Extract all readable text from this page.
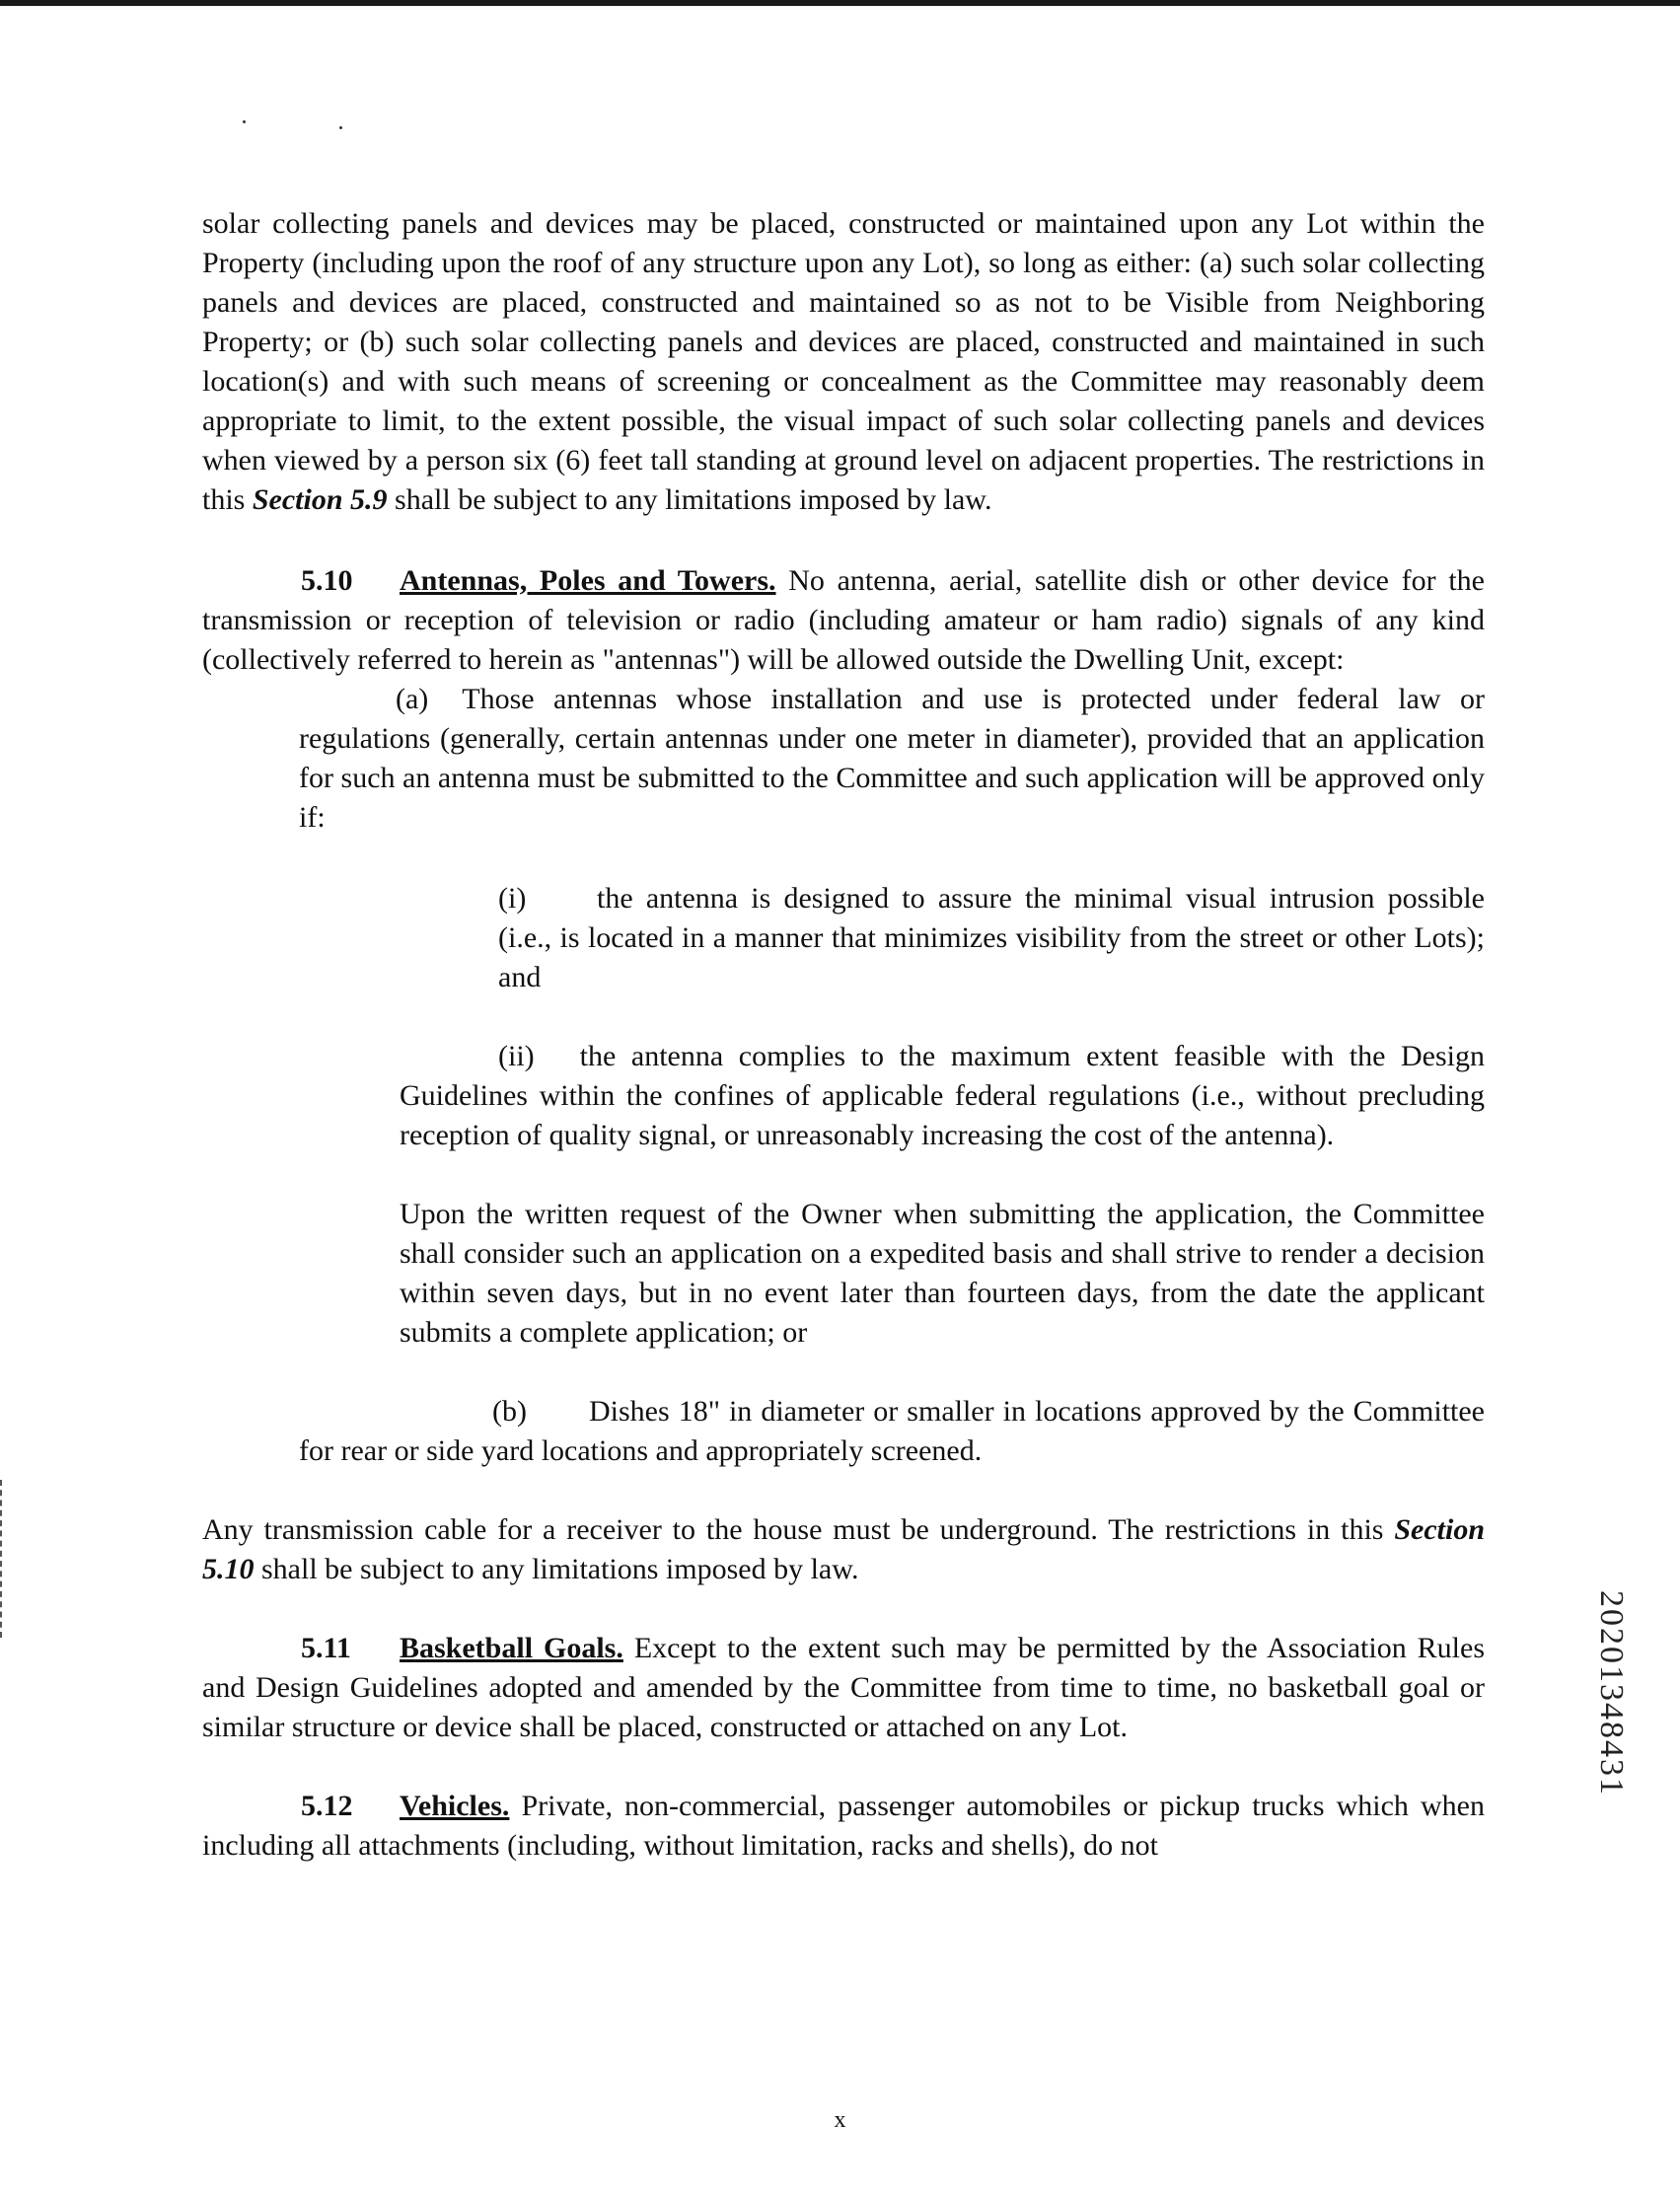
solar collecting panels and devices may be placed, constructed or maintained upon any Lot within the Property (including upon the roof of any structure upon any Lot), so long as either: (a) such solar collecting panels and devices are placed, constructed and maintained so as not to be Visible from Neighboring Property; or (b) such solar collecting panels and devices are placed, constructed and maintained in such location(s) and with such means of screening or concealment as the Committee may reasonably deem appropriate to limit, to the extent possible, the visual impact of such solar collecting panels and devices when viewed by a person six (6) feet tall standing at ground level on adjacent properties. The restrictions in this Section 5.9 shall be subject to any limitations imposed by law.

5.10 Antennas, Poles and Towers. No antenna, aerial, satellite dish or other device for the transmission or reception of television or radio (including amateur or ham radio) signals of any kind (collectively referred to herein as "antennas") will be allowed outside the Dwelling Unit, except:

(a) Those antennas whose installation and use is protected under federal law or regulations (generally, certain antennas under one meter in diameter), provided that an application for such an antenna must be submitted to the Committee and such application will be approved only if:

(i) the antenna is designed to assure the minimal visual intrusion possible (i.e., is located in a manner that minimizes visibility from the street or other Lots); and

(ii) the antenna complies to the maximum extent feasible with the Design Guidelines within the confines of applicable federal regulations (i.e., without precluding reception of quality signal, or unreasonably increasing the cost of the antenna).

Upon the written request of the Owner when submitting the application, the Committee shall consider such an application on a expedited basis and shall strive to render a decision within seven days, but in no event later than fourteen days, from the date the applicant submits a complete application; or

(b) Dishes 18" in diameter or smaller in locations approved by the Committee for rear or side yard locations and appropriately screened.

Any transmission cable for a receiver to the house must be underground. The restrictions in this Section 5.10 shall be subject to any limitations imposed by law.

5.11 Basketball Goals. Except to the extent such may be permitted by the Association Rules and Design Guidelines adopted and amended by the Committee from time to time, no basketball goal or similar structure or device shall be placed, constructed or attached on any Lot.

5.12 Vehicles. Private, non-commercial, passenger automobiles or pickup trucks which when including all attachments (including, without limitation, racks and shells), do not

20201348431
x
